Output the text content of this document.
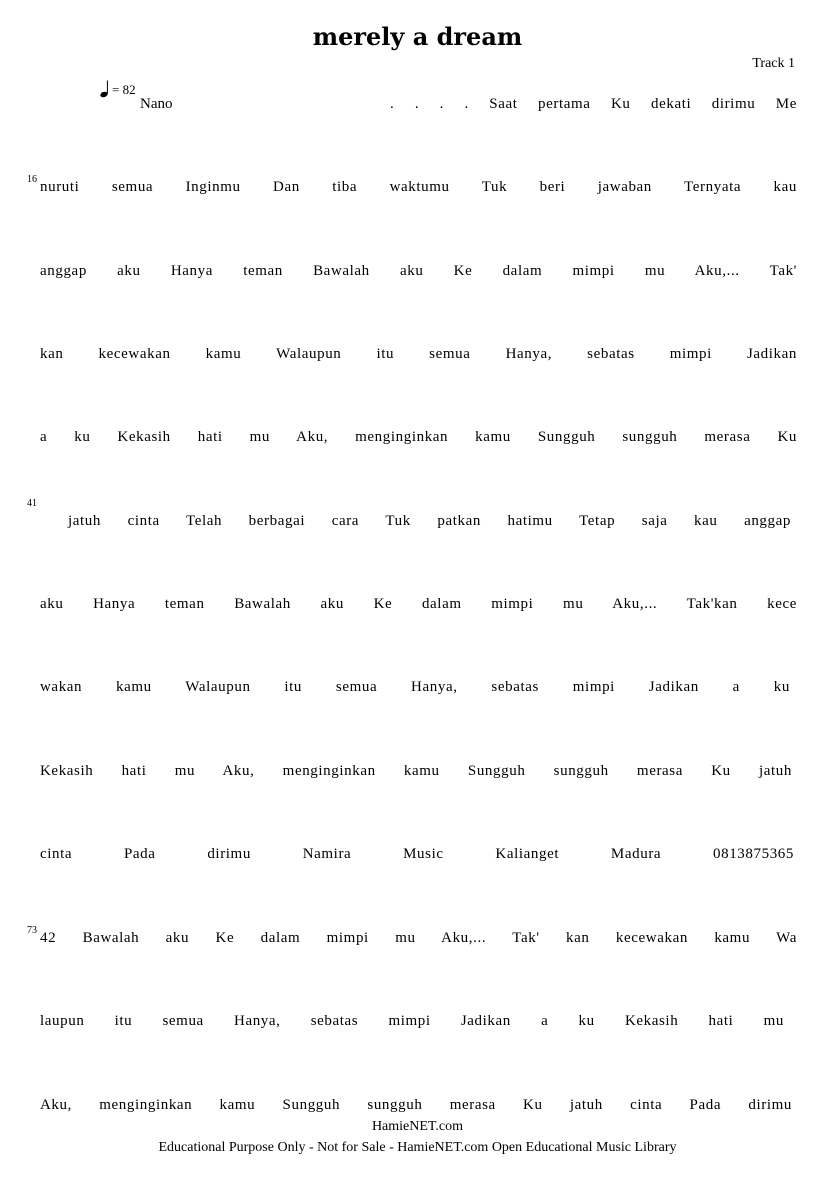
merely a dream
Track 1
= 82
Nano
16
41
73
. . . . Saat pertama Ku dekati dirimu Me
nuruti semua Inginmu Dan tiba waktumu Tuk beri jawaban Ternyata kau
anggap aku Hanya teman Bawalah aku Ke dalam mimpi mu Aku,... Tak'
kan kecewakan kamu Walaupun itu semua Hanya, sebatas mimpi Jadikan
a ku Kekasih hati mu Aku, menginginkan kamu Sungguh sungguh merasa Ku
jatuh cinta Telah berbagai cara Tuk patkan hatimu Tetap saja kau anggap
aku Hanya teman Bawalah aku Ke dalam mimpi mu Aku,... Tak'kan kece
wakan kamu Walaupun itu semua Hanya, sebatas mimpi Jadikan a ku
Kekasih hati mu Aku, menginginkan kamu Sungguh sungguh merasa Ku jatuh
cinta Pada dirimu Namira Music Kalianget Madura 0813875365
42 Bawalah aku Ke dalam mimpi mu Aku,... Tak' kan kecewakan kamu Wa
laupun itu semua Hanya, sebatas mimpi Jadikan a ku Kekasih hati mu
Aku, menginginkan kamu Sungguh sungguh merasa Ku jatuh cinta Pada dirimu
HamieNET.com
Educational Purpose Only - Not for Sale - HamieNET.com Open Educational Music Library
